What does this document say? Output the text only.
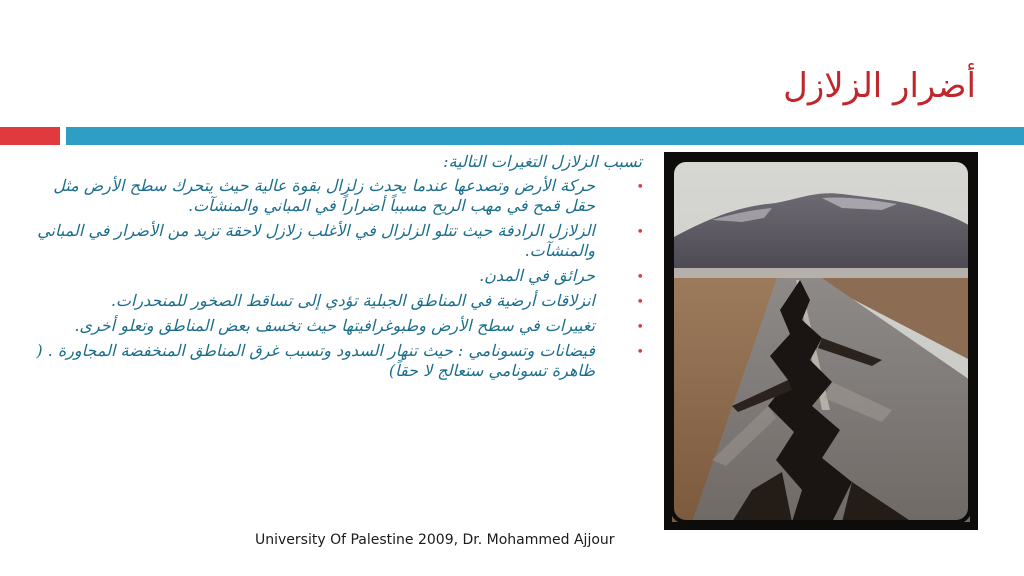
أضرار الزلازل

تسبب الزلازل التغيرات التالية:

•
حركة الأرض وتصدعها عندما يحدث زلزال بقوة عالية حيث يتحرك سطح الأرض مثل حقل قمح في مهب الريح مسبباً أضراراً في المباني والمنشآت.
•
الزلازل الرادفة حيث تتلو الزلزال في الأغلب زلازل لاحقة تزيد من الأضرار في المباني والمنشآت.
•
حرائق في المدن.
•
انزلاقات أرضية في المناطق الجبلية تؤدي إلى تساقط الصخور للمنحدرات.
•
تغييرات في سطح الأرض وطبوغرافيتها حيث تخسف بعض المناطق وتعلو أخرى.
•
فيضانات وتسونامي : حيث تنهار السدود وتسبب غرق المناطق المنخفضة المجاورة . ( ظاهرة تسونامي ستعالج لا حقاً)
University Of Palestine 2009, Dr. Mohammed Ajjour
